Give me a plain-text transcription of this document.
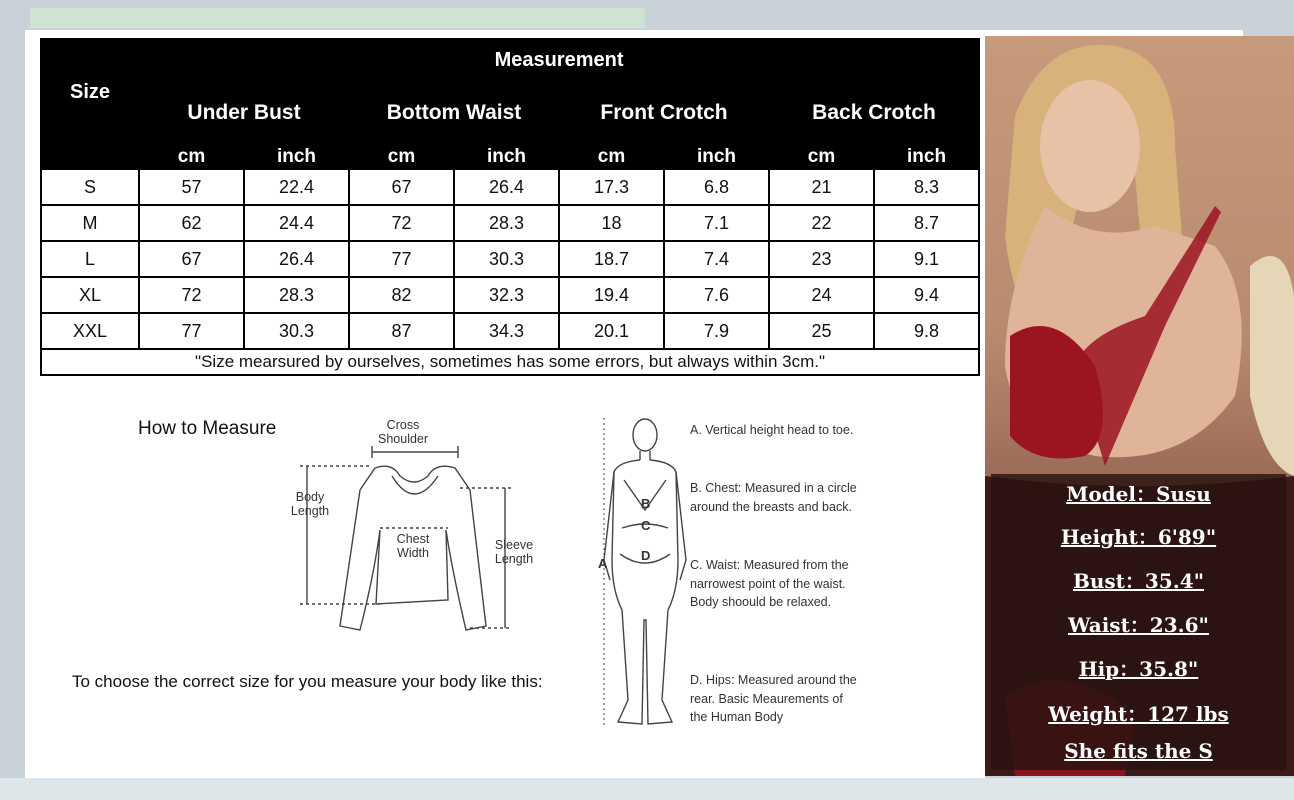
Size	Measurement							
	Under Bust		Bottom Waist		Front Crotch		Back Crotch	
	cm	inch	cm	inch	cm	inch	cm	inch
S	57	22.4	67	26.4	17.3	6.8	21	8.3
M	62	24.4	72	28.3	18	7.1	22	8.7
L	67	26.4	77	30.3	18.7	7.4	23	9.1
XL	72	28.3	82	32.3	19.4	7.6	24	9.4
XXL	77	30.3	87	34.3	20.1	7.9	25	9.8
"Size mearsured by ourselves, sometimes has some errors, but always within 3cm."								
How to Measure	Cross Shoulder
Body Length
Chest Width
Sleeve Length	A
B
C
D
A. Vertical height head to toe.
B. Chest: Measured in a circle around the breasts and back.
C. Waist: Measured from the narrowest point of the waist. Body shoould be relaxed.
D. Hips: Measured around the rear. Basic Meaurements of the Human Body
To choose the correct size for you measure your body like this:
Model：Susu
Height：6'89"
Bust：35.4"
Waist：23.6"
Hip：35.8"
Weight：127 lbs
She fits the S
